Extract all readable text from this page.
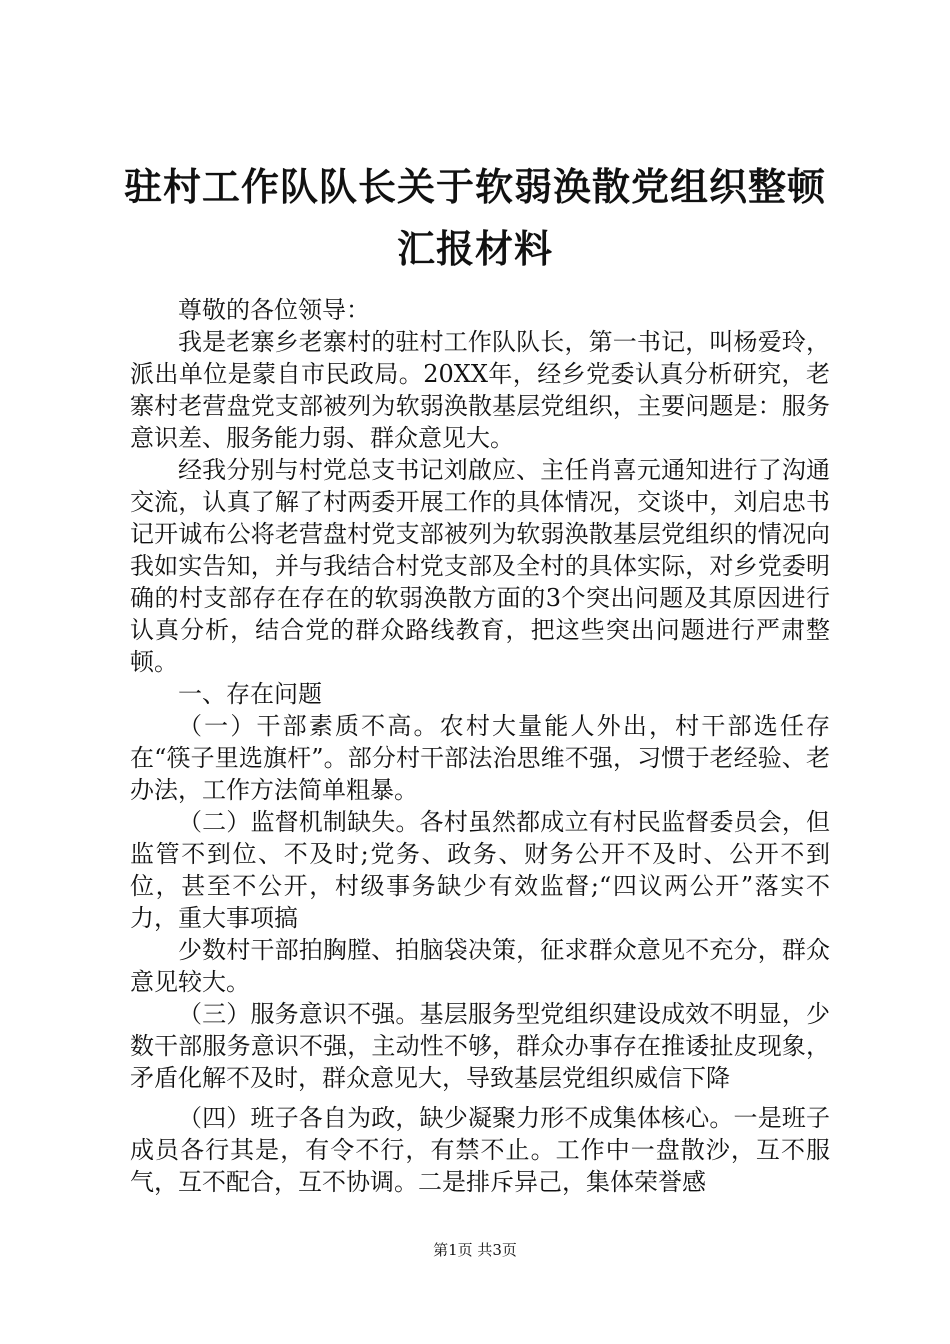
驻村工作队队长关于软弱涣散党组织整顿汇报材料

尊敬的各位领导：

我是老寨乡老寨村的驻村工作队队长，第一书记，叫杨爱玲，派出单位是蒙自市民政局。20XX年，经乡党委认真分析研究，老寨村老营盘党支部被列为软弱涣散基层党组织，主要问题是：服务意识差、服务能力弱、群众意见大。

经我分别与村党总支书记刘啟应、主任肖喜元通知进行了沟通交流，认真了解了村两委开展工作的具体情况，交谈中，刘启忠书记开诚布公将老营盘村党支部被列为软弱涣散基层党组织的情况向我如实告知，并与我结合村党支部及全村的具体实际，对乡党委明确的村支部存在存在的软弱涣散方面的3个突出问题及其原因进行认真分析，结合党的群众路线教育，把这些突出问题进行严肃整顿。

一、存在问题

（一）干部素质不高。农村大量能人外出，村干部选任存在“筷子里选旗杆”。部分村干部法治思维不强，习惯于老经验、老办法，工作方法简单粗暴。

（二）监督机制缺失。各村虽然都成立有村民监督委员会，但监管不到位、不及时;党务、政务、财务公开不及时、公开不到位，甚至不公开，村级事务缺少有效监督;“四议两公开”落实不力，重大事项搞

少数村干部拍胸膛、拍脑袋决策，征求群众意见不充分，群众意见较大。

（三）服务意识不强。基层服务型党组织建设成效不明显，少数干部服务意识不强，主动性不够，群众办事存在推诿扯皮现象，矛盾化解不及时，群众意见大，导致基层党组织威信下降

（四）班子各自为政，缺少凝聚力形不成集体核心。一是班子成员各行其是，有令不行，有禁不止。工作中一盘散沙，互不服气，互不配合，互不协调。二是排斥异己，集体荣誉感

第1页 共3页
